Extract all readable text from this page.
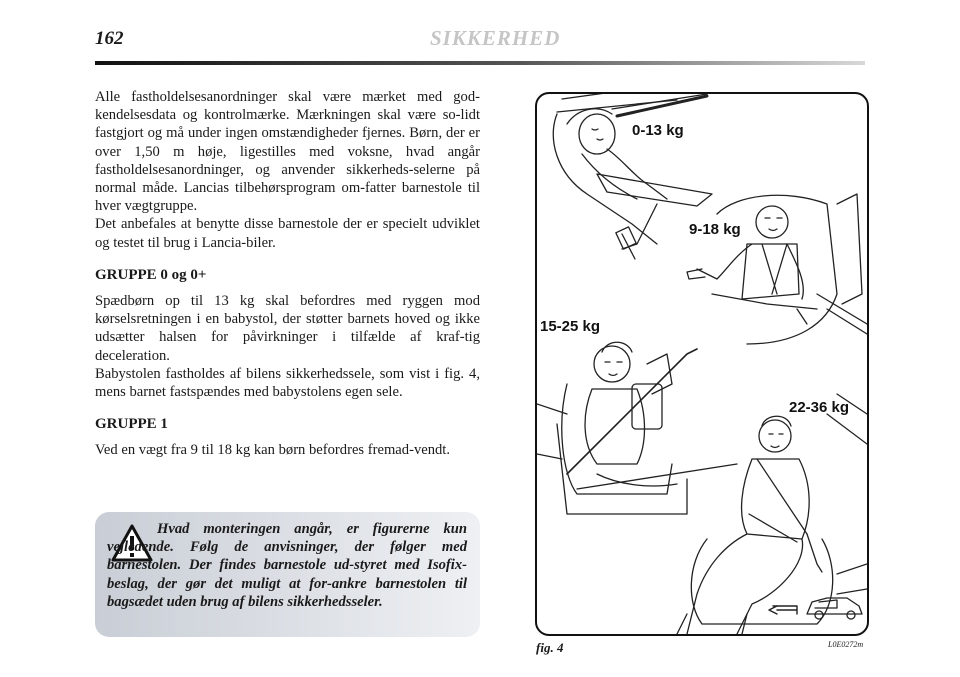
162	SIKKERHED

Alle fastholdelsesanordninger skal være mærket med god-kendelsesdata og kontrolmærke. Mærkningen skal være so-lidt fastgjort og må under ingen omstændigheder fjernes. Børn, der er over 1,50 m høje, ligestilles med voksne, hvad angår fastholdelsesanordninger, og anvender sikkerheds-selerne på normal måde. Lancias tilbehørsprogram om-fatter barnestole til hver vægtgruppe.

Det anbefales at benytte disse barnestole der er specielt udviklet og testet til brug i Lancia-biler.

GRUPPE 0 og 0+

Spædbørn op til 13 kg skal befordres med ryggen mod kørselsretningen i en babystol, der støtter barnets hoved og ikke udsætter halsen for påvirkninger i tilfælde af kraf-tig deceleration.

Babystolen fastholdes af bilens sikkerhedssele, som vist i fig. 4, mens barnet fastspændes med babystolens egen sele.

GRUPPE 1

Ved en vægt fra 9 til 18 kg kan børn befordres fremad-vendt.

Hvad monteringen angår, er figurerne kun vejledende. Følg de anvisninger, der følger med barnestolen. Der findes barnestole ud-styret med Isofix-beslag, der gør det muligt at for-ankre barnestolen til bagsædet uden brug af bilens sikkerhedsseler.
0-13 kg
9-18 kg
15-25 kg
22-36 kg
fig. 4	L0E0272m
